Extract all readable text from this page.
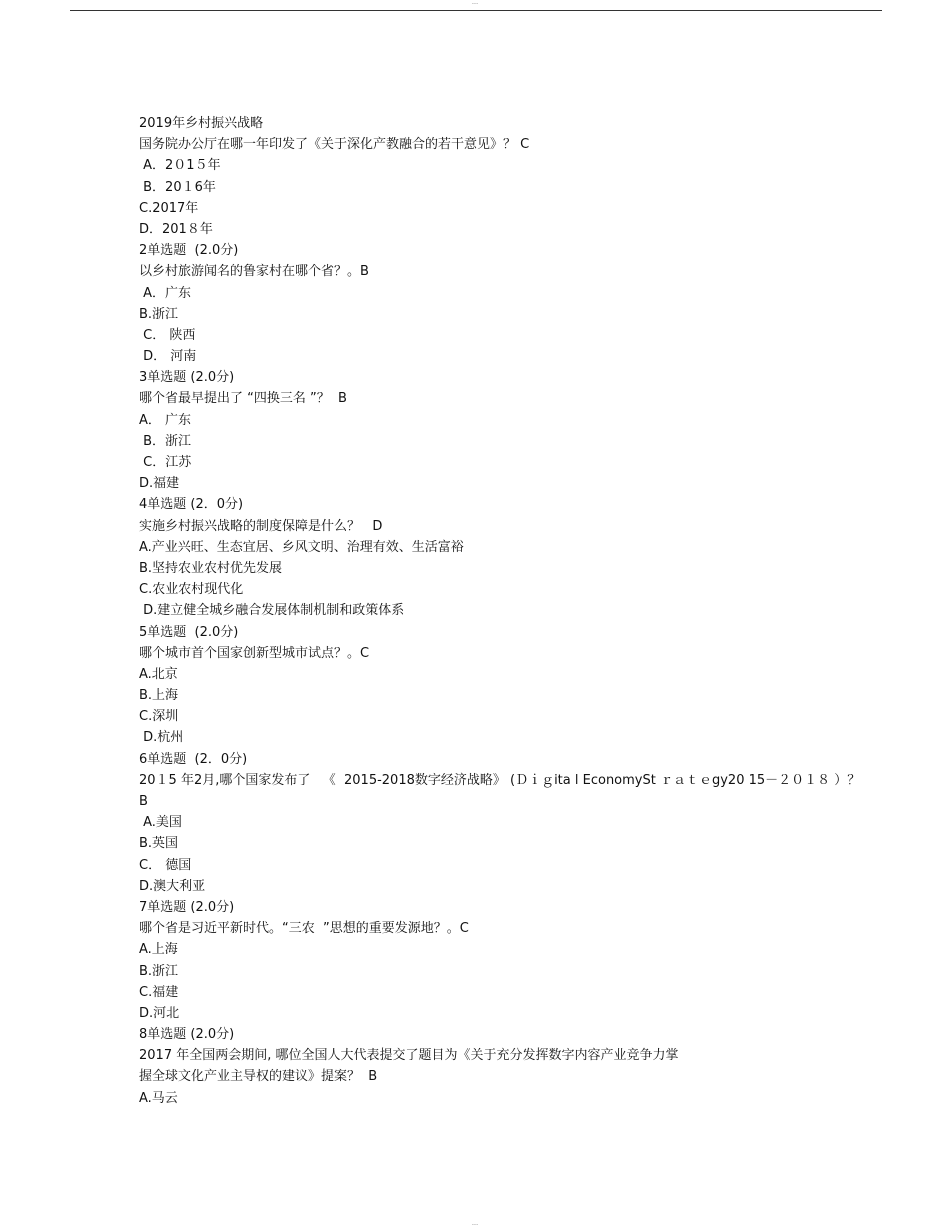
---
2019年乡村振兴战略
国务院办公厅在哪一年印发了《关于深化产教融合的若干意见》？ C
A．2０1５年
B．20１6年
C.2017年
D．201８年
2单选题  (2.0分)
以乡村旅游闻名的鲁家村在哪个省？。B
A．广东
B.浙江
C． 陕西
D． 河南
3单选题 (2.0分)
哪个省最早提出了 “四换三名 ”？  B
A． 广东
B．浙江
C．江苏
D.福建
4单选题 (2．0分)
实施乡村振兴战略的制度保障是什么？   D
A.产业兴旺、生态宜居、乡风文明、治理有效、生活富裕
B.坚持农业农村优先发展
C.农业农村现代化
D.建立健全城乡融合发展体制机制和政策体系
5单选题  (2.0分)
哪个城市首个国家创新型城市试点？。C
A.北京
B.上海
C.深圳
D.杭州
6单选题  (2．0分)
20１5 年2月,哪个国家发布了   《  2015-2018数字经济战略》 (Ｄｉｇita l EconomySt ｒａｔｅgy20 15－２０１８ ）？
B
A.美国
B.英国
C． 德国
D.澳大利亚
7单选题 (2.0分)
哪个省是习近平新时代。“三农  ”思想的重要发源地？。C
A.上海
B.浙江
C.福建
D.河北
8单选题 (2.0分)
2017 年全国两会期间, 哪位全国人大代表提交了题目为《关于充分发挥数字内容产业竞争力掌
握全球文化产业主导权的建议》提案？  B
A.马云
---
